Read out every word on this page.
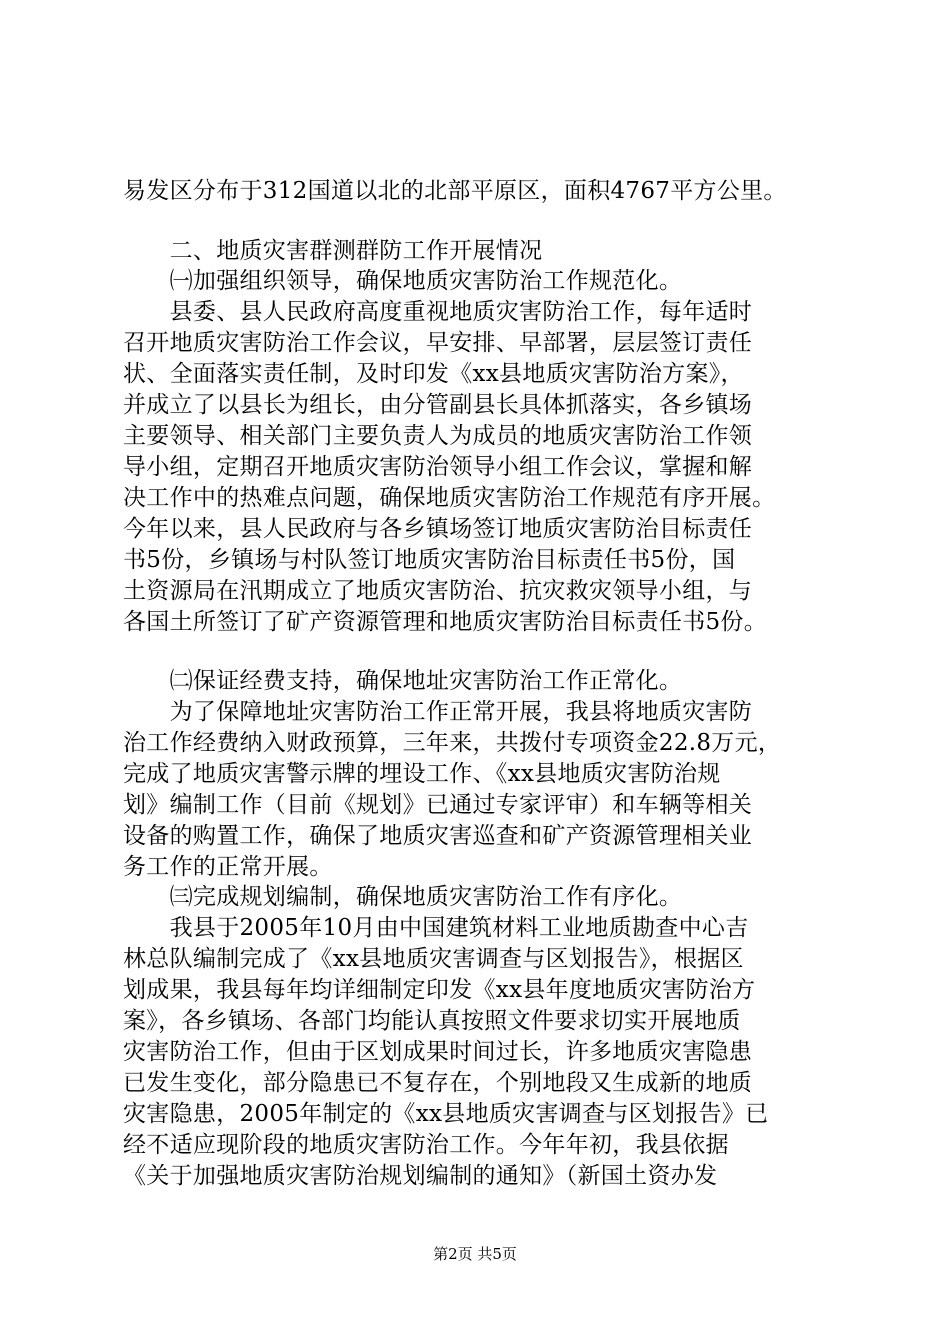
易发区分布于312国道以北的北部平原区，面积4767平方公里。
　　二、地质灾害群测群防工作开展情况
　　㈠加强组织领导，确保地质灾害防治工作规范化。
　　县委、县人民政府高度重视地质灾害防治工作，每年适时
召开地质灾害防治工作会议，早安排、早部署，层层签订责任
状、全面落实责任制，及时印发《xx县地质灾害防治方案》，
并成立了以县长为组长，由分管副县长具体抓落实，各乡镇场
主要领导、相关部门主要负责人为成员的地质灾害防治工作领
导小组，定期召开地质灾害防治领导小组工作会议，掌握和解
决工作中的热难点问题，确保地质灾害防治工作规范有序开展。
今年以来，县人民政府与各乡镇场签订地质灾害防治目标责任
书5份，乡镇场与村队签订地质灾害防治目标责任书5份，国
土资源局在汛期成立了地质灾害防治、抗灾救灾领导小组，与
各国土所签订了矿产资源管理和地质灾害防治目标责任书5份。
　　㈡保证经费支持，确保地址灾害防治工作正常化。
　　为了保障地址灾害防治工作正常开展，我县将地质灾害防
治工作经费纳入财政预算，三年来，共拨付专项资金22.8万元，
完成了地质灾害警示牌的埋设工作、《xx县地质灾害防治规
划》编制工作（目前《规划》已通过专家评审）和车辆等相关
设备的购置工作，确保了地质灾害巡查和矿产资源管理相关业
务工作的正常开展。
　　㈢完成规划编制，确保地质灾害防治工作有序化。
　　我县于2005年10月由中国建筑材料工业地质勘查中心吉
林总队编制完成了《xx县地质灾害调查与区划报告》，根据区
划成果，我县每年均详细制定印发《xx县年度地质灾害防治方
案》，各乡镇场、各部门均能认真按照文件要求切实开展地质
灾害防治工作，但由于区划成果时间过长，许多地质灾害隐患
已发生变化，部分隐患已不复存在，个别地段又生成新的地质
灾害隐患，2005年制定的《xx县地质灾害调查与区划报告》已
经不适应现阶段的地质灾害防治工作。今年年初，我县依据
《关于加强地质灾害防治规划编制的通知》（新国土资办发
第2页 共5页
